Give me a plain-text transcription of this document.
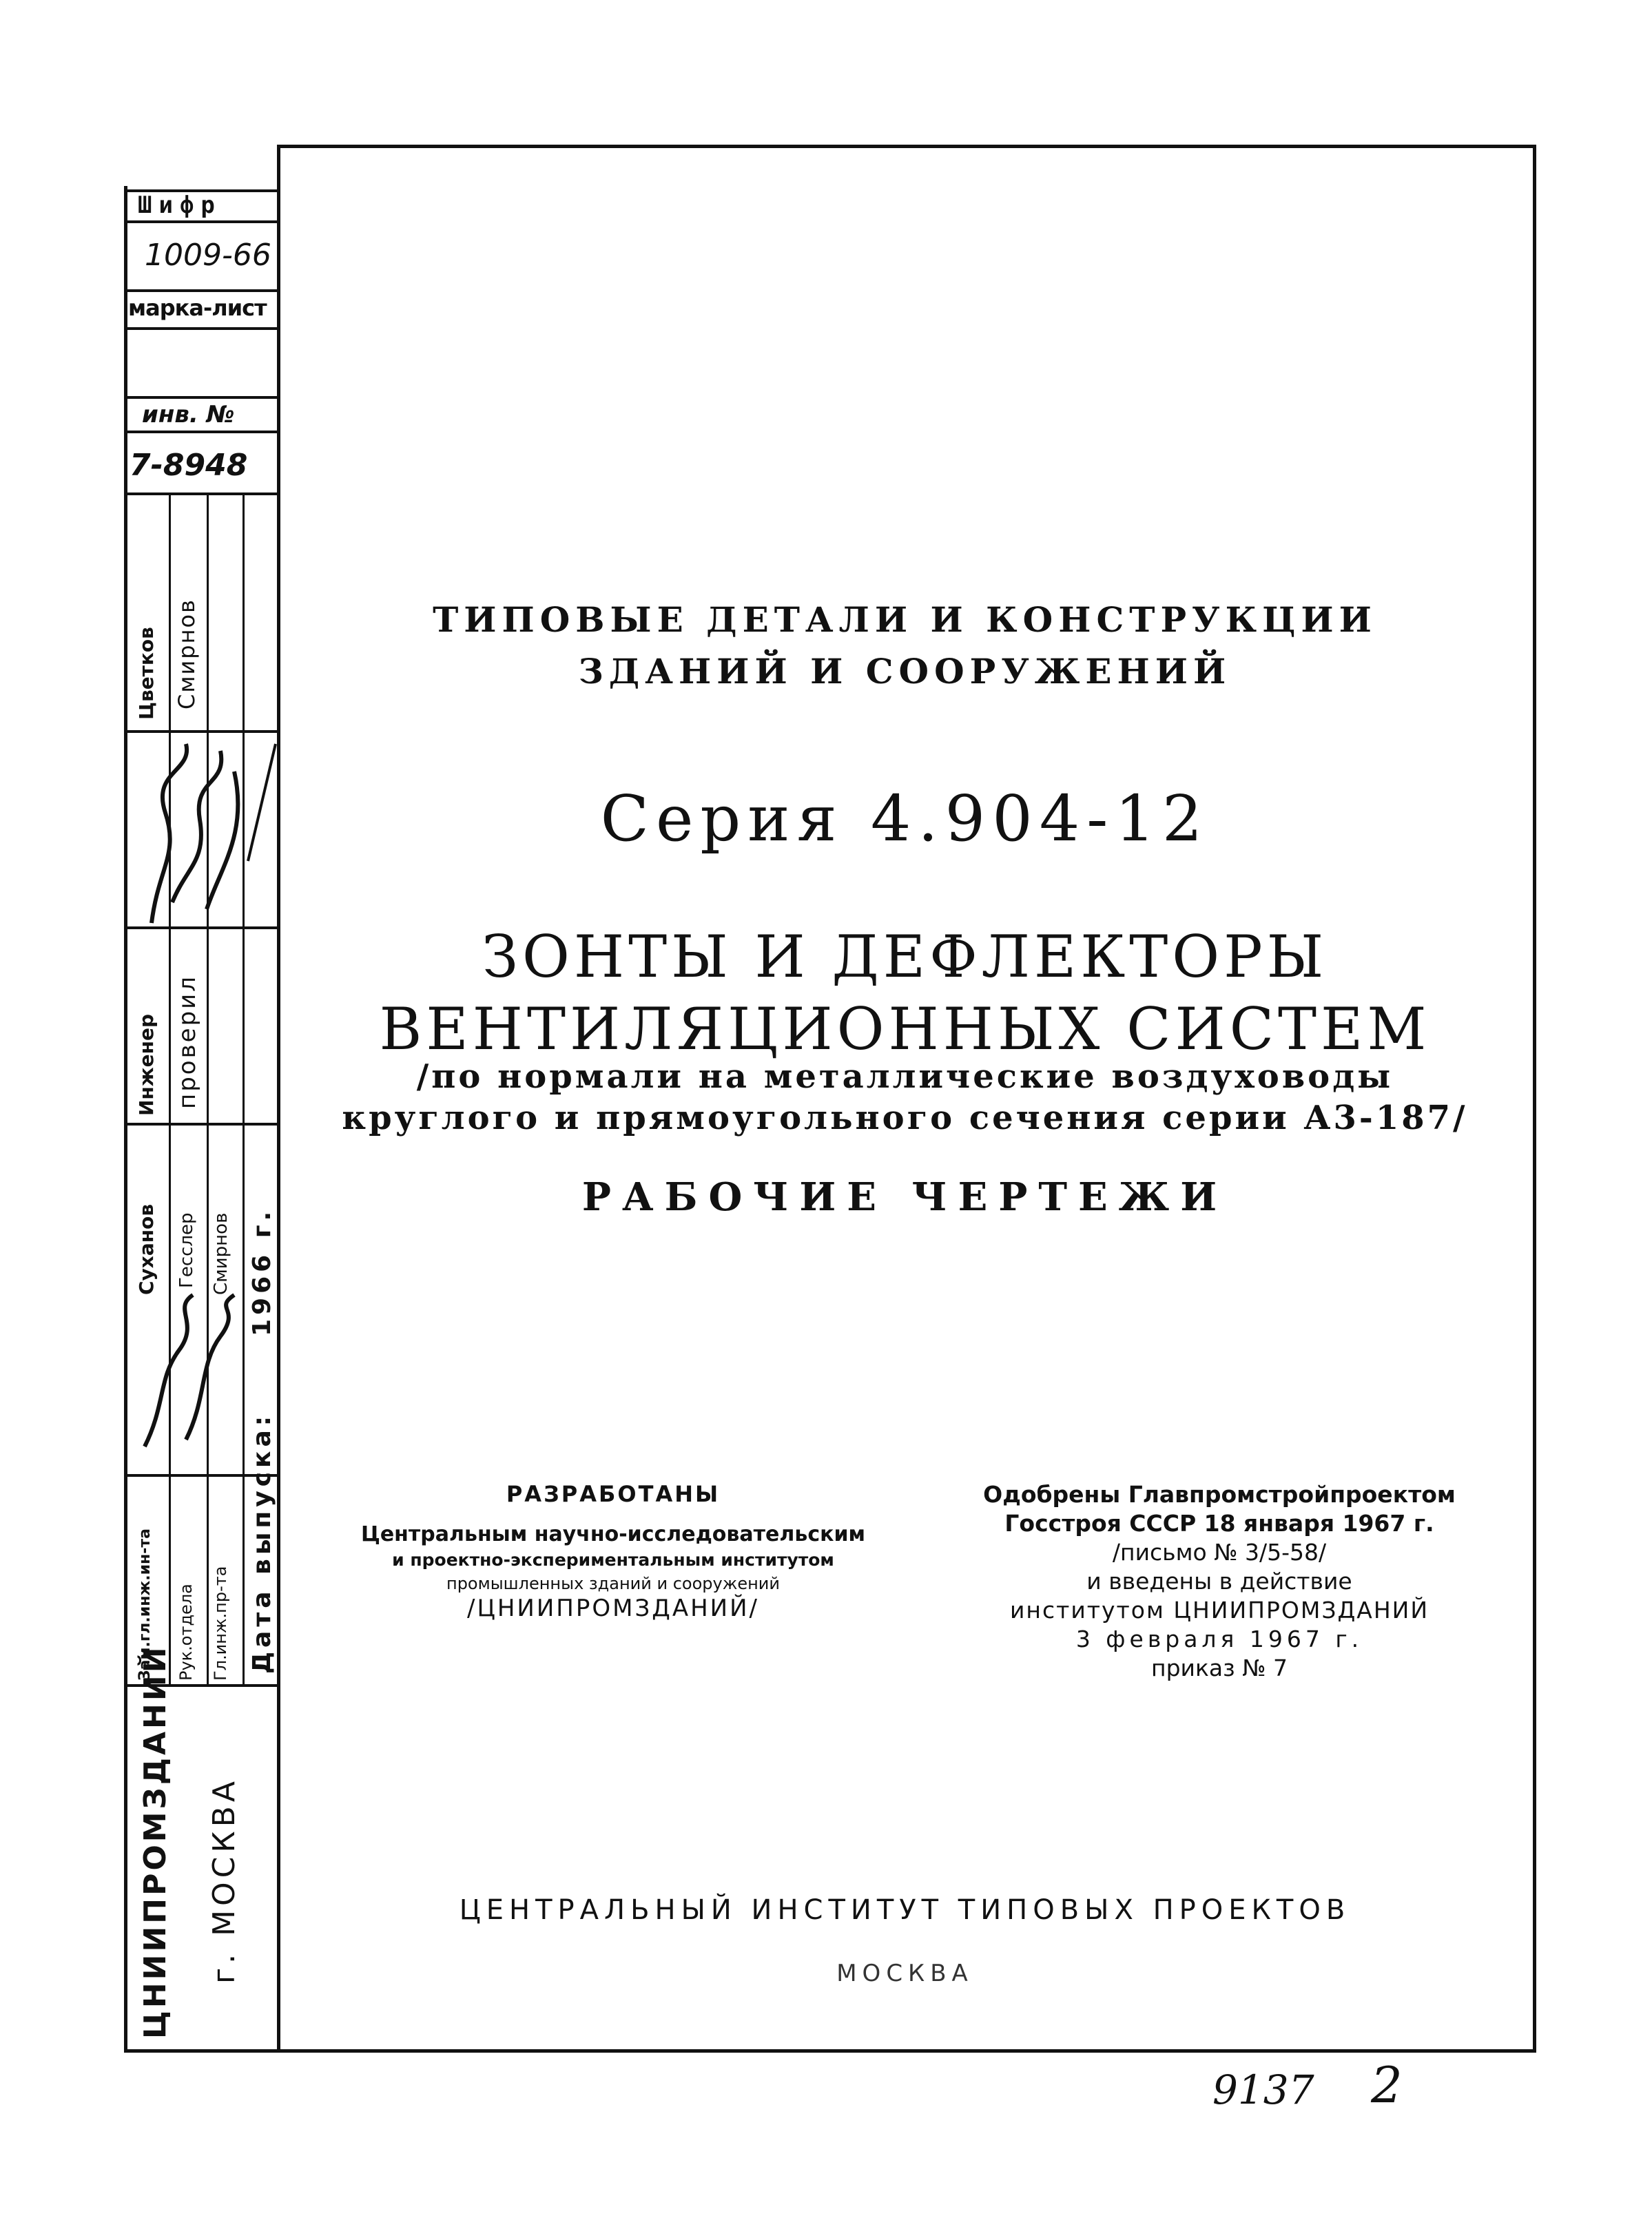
Шифр
1009-66
марка-лист
инв. №
7-8948
Цветков Смирнов
Инженер проверил
Суханов Гесслер Смирнов 1966 г.
Зам.гл.инж.ин-та Рук.отдела Гл.инж.пр-та Дата выпуска:
ЦНИИПРОМЗДАНИЙ г. МОСКВА
ТИПОВЫЕ ДЕТАЛИ И КОНСТРУКЦИИ
ЗДАНИЙ И СООРУЖЕНИЙ
Серия 4.904-12
ЗОНТЫ И ДЕФЛЕКТОРЫ
ВЕНТИЛЯЦИОННЫХ СИСТЕМ
/по нормали на металлические воздуховоды
круглого и прямоугольного сечения серии А3-187/
РАБОЧИЕ ЧЕРТЕЖИ
РАЗРАБОТАНЫ
Центральным научно-исследовательским
и проектно-экспериментальным институтом
промышленных зданий и сооружений
/ЦНИИПРОМЗДАНИЙ/
Одобрены Главпромстройпроектом
Госстроя СССР 18 января 1967 г.
/письмо № 3/5-58/
и введены в действие
институтом ЦНИИПРОМЗДАНИЙ
3 февраля 1967 г.
приказ № 7
ЦЕНТРАЛЬНЫЙ ИНСТИТУТ ТИПОВЫХ ПРОЕКТОВ
МОСКВА
9137 2
